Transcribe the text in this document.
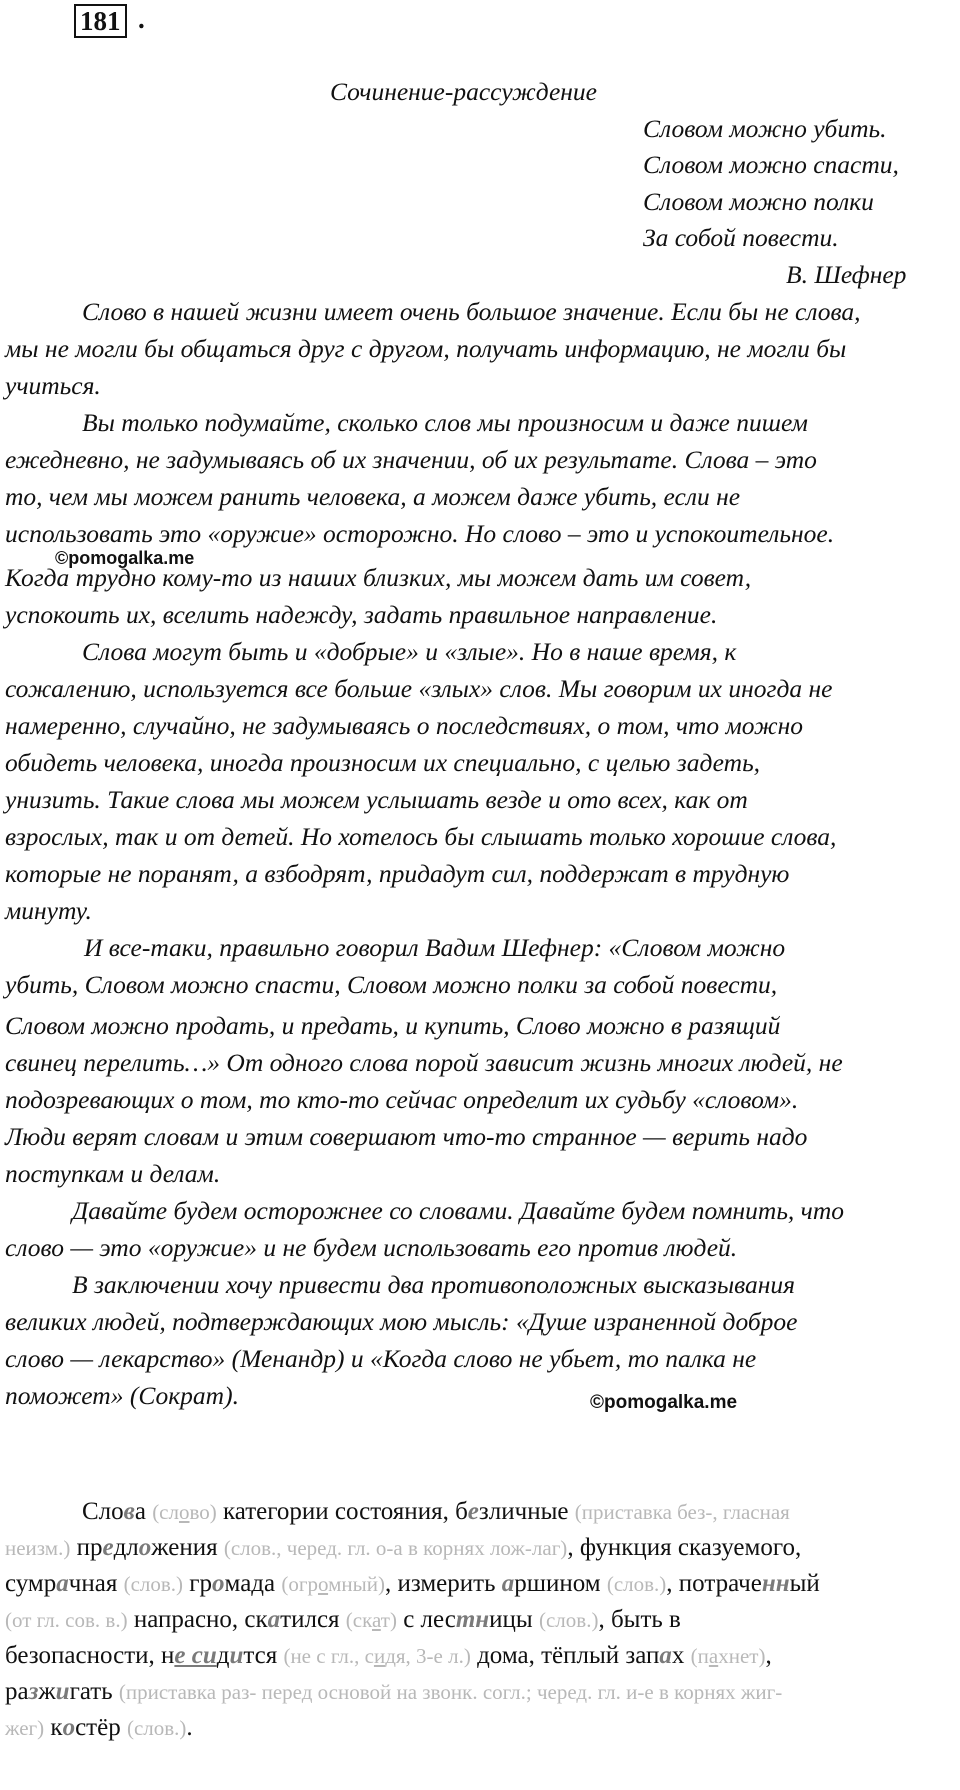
181 .
Сочинение-рассуждение
Словом можно убить.
Словом можно спасти,
Словом можно полки
За собой повести.
В. Шефнер
Слово в нашей жизни имеет очень большое значение. Если бы не слова,
мы не могли бы общаться друг с другом, получать информацию, не могли бы
учиться.
Вы только подумайте, сколько слов мы произносим и даже пишем
ежедневно, не задумываясь об их значении, об их результате. Слова – это
то, чем мы можем ранить человека, а можем даже убить, если не
использовать это «оружие» осторожно. Но слово – это и успокоительное.
Когда трудно кому-то из наших близких, мы можем дать им совет,
успокоить их, вселить надежду, задать правильное направление.
Слова могут быть и «добрые» и «злые». Но в наше время, к
сожалению, используется все больше «злых» слов. Мы говорим их иногда не
намеренно, случайно, не задумываясь о последствиях, о том, что можно
обидеть человека, иногда произносим их специально, с целью задеть,
унизить. Такие слова мы можем услышать везде и ото всех, как от
взрослых, так и от детей. Но хотелось бы слышать только хорошие слова,
которые не поранят, а взбодрят, придадут сил, поддержат в трудную
минуту.
И все-таки, правильно говорил Вадим Шефнер: «Словом можно
убить, Словом можно спасти, Словом можно полки за собой повести,
Словом можно продать, и предать, и купить, Слово можно в разящий
свинец перелить…» От одного слова порой зависит жизнь многих людей, не
подозревающих о том, то кто-то сейчас определит их судьбу «словом».
Люди верят словам и этим совершают что-то странное — верить надо
поступкам и делам.
Давайте будем осторожнее со словами. Давайте будем помнить, что
слово — это «оружие» и не будем использовать его против людей.
В заключении хочу привести два противоположных высказывания
великих людей, подтверждающих мою мысль: «Душе израненной доброе
слово — лекарство» (Менандр) и «Когда слово не убьет, то палка не
поможет» (Сократ).
©pomogalka.me
©pomogalka.me
Слова (слово) категории состояния, безличные (приставка без-, гласная
неизм.) предложения (слов., черед. гл. о-а в корнях лож-лаг), функция сказуемого,
сумрачная (слов.) громада (огромный), измерить аршином (слов.), потраченный
(от гл. сов. в.) напрасно, скатился (скат) с лестницы (слов.), быть в
безопасности, не сидится (не с гл., сидя, 3-е л.) дома, тёплый запах (пахнет),
разжигать (приставка раз- перед основой на звонк. согл.; черед. гл. и-е в корнях жиг-
жег) костёр (слов.).
